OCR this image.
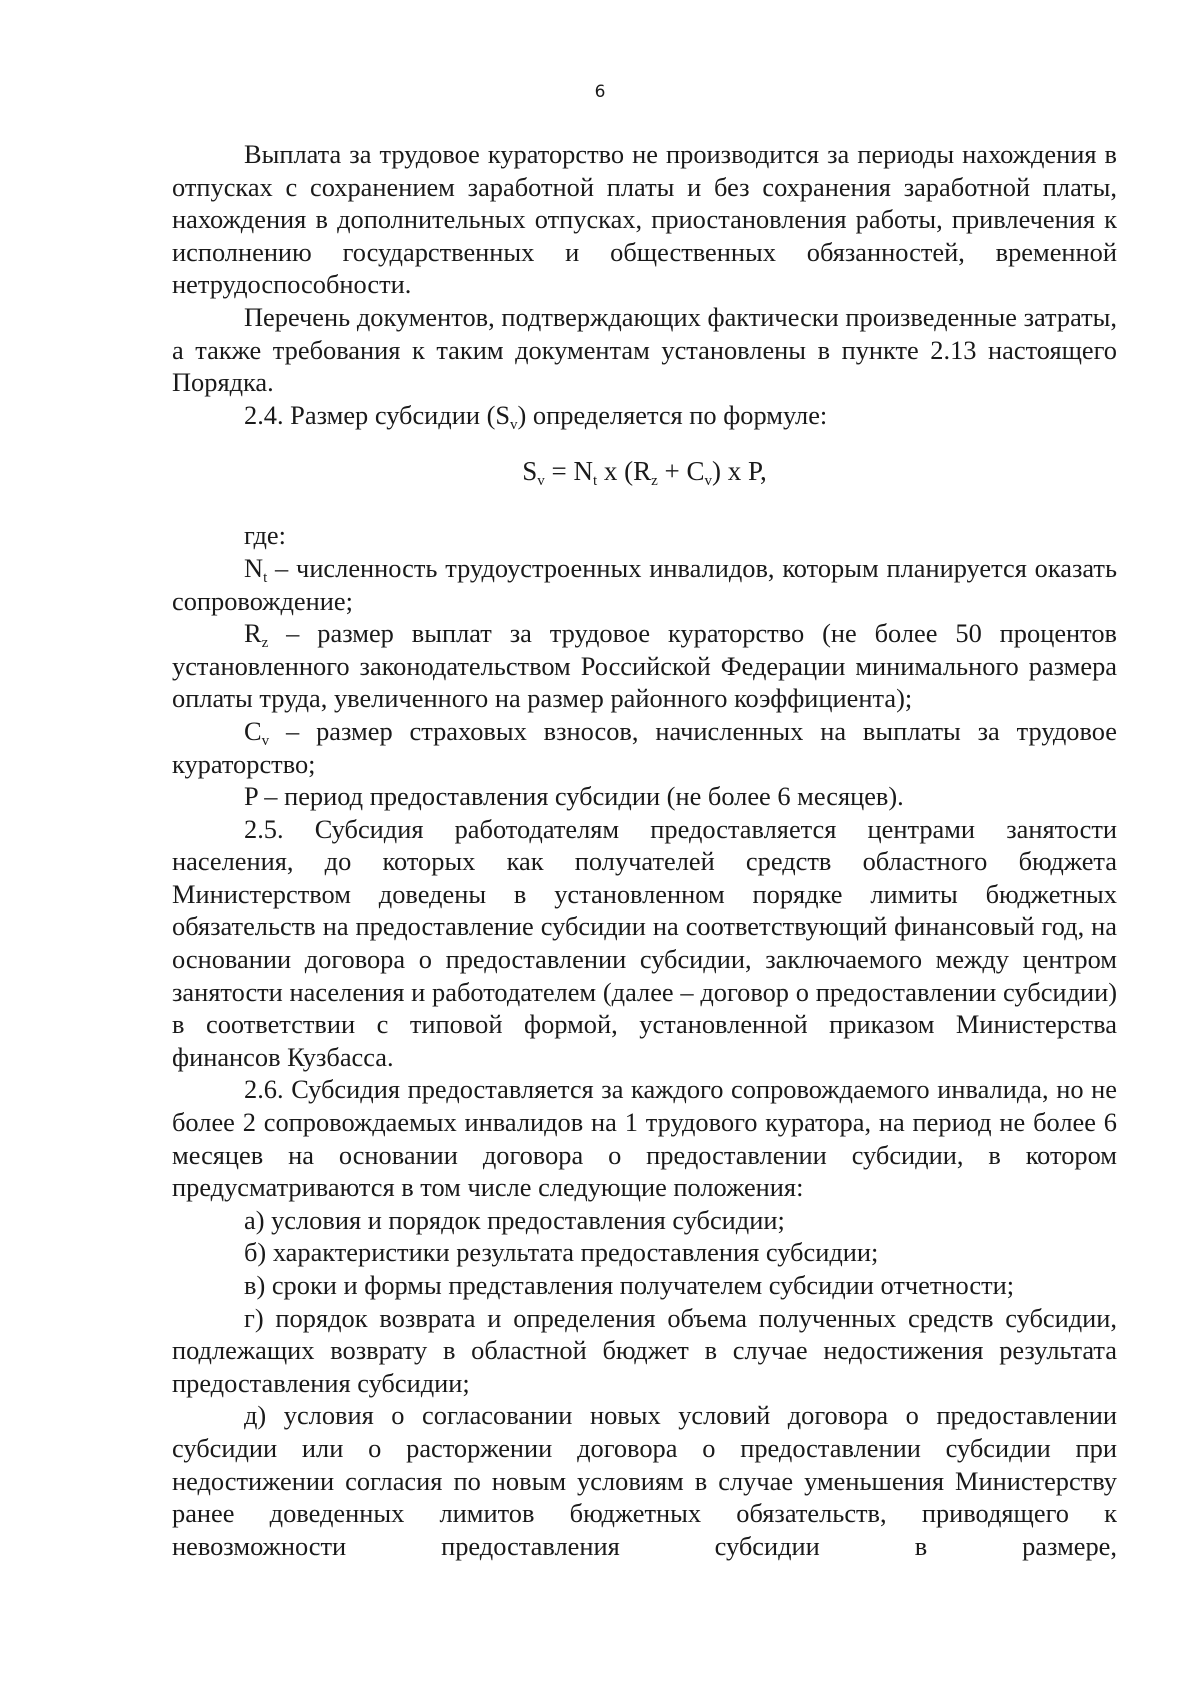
6

Выплата за трудовое кураторство не производится за периоды нахождения в отпусках с сохранением заработной платы и без сохранения заработной платы, нахождения в дополнительных отпусках, приостановления работы, привлечения к исполнению государственных и общественных обязанностей, временной нетрудоспособности.

Перечень документов, подтверждающих фактически произведенные затраты, а также требования к таким документам установлены в пункте 2.13 настоящего Порядка.

2.4. Размер субсидии $(S_v)$ определяется по формуле:

$S_v = N_t$ x $(R_z + C_v)$ x P,

где:

$N_t$ – численность трудоустроенных инвалидов, которым планируется оказать сопровождение;

$R_z$ – размер выплат за трудовое кураторство (не более 50 процентов установленного законодательством Российской Федерации минимального размера оплаты труда, увеличенного на размер районного коэффициента);

$C_v$ – размер страховых взносов, начисленных на выплаты за трудовое кураторство;

P – период предоставления субсидии (не более 6 месяцев).

2.5. Субсидия работодателям предоставляется центрами занятости населения, до которых как получателей средств областного бюджета Министерством доведены в установленном порядке лимиты бюджетных обязательств на предоставление субсидии на соответствующий финансовый год, на основании договора о предоставлении субсидии, заключаемого между центром занятости населения и работодателем (далее – договор о предоставлении субсидии) в соответствии с типовой формой, установленной приказом Министерства финансов Кузбасса.

2.6. Субсидия предоставляется за каждого сопровождаемого инвалида, но не более 2 сопровождаемых инвалидов на 1 трудового куратора, на период не более 6 месяцев на основании договора о предоставлении субсидии, в котором предусматриваются в том числе следующие положения:

а) условия и порядок предоставления субсидии;

б) характеристики результата предоставления субсидии;

в) сроки и формы представления получателем субсидии отчетности;

г) порядок возврата и определения объема полученных средств субсидии, подлежащих возврату в областной бюджет в случае недостижения результата предоставления субсидии;

д) условия о согласовании новых условий договора о предоставлении субсидии или о расторжении договора о предоставлении субсидии при недостижении согласия по новым условиям в случае уменьшения Министерству ранее доведенных лимитов бюджетных обязательств, приводящего к невозможности предоставления субсидии в размере,
